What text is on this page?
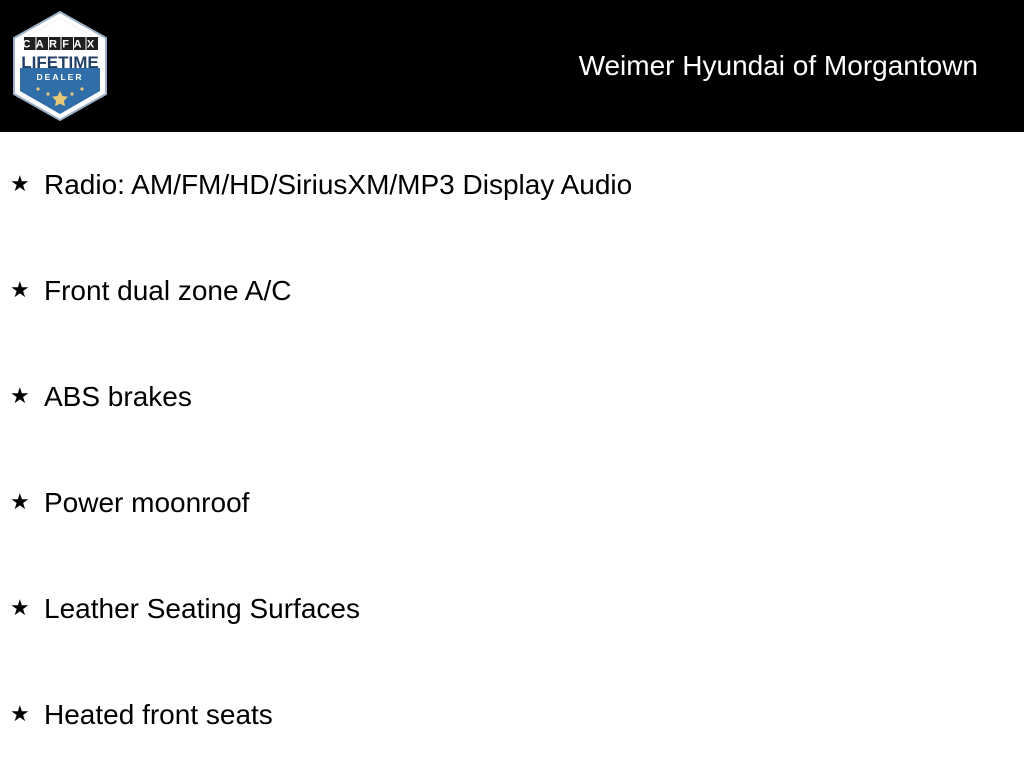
CARFAX
LIFETIME
DEALER	Weimer Hyundai of Morgantown
★ Radio: AM/FM/HD/SiriusXM/MP3 Display Audio
★ Front dual zone A/C
★ ABS brakes
★ Power moonroof
★ Leather Seating Surfaces
★ Heated front seats
